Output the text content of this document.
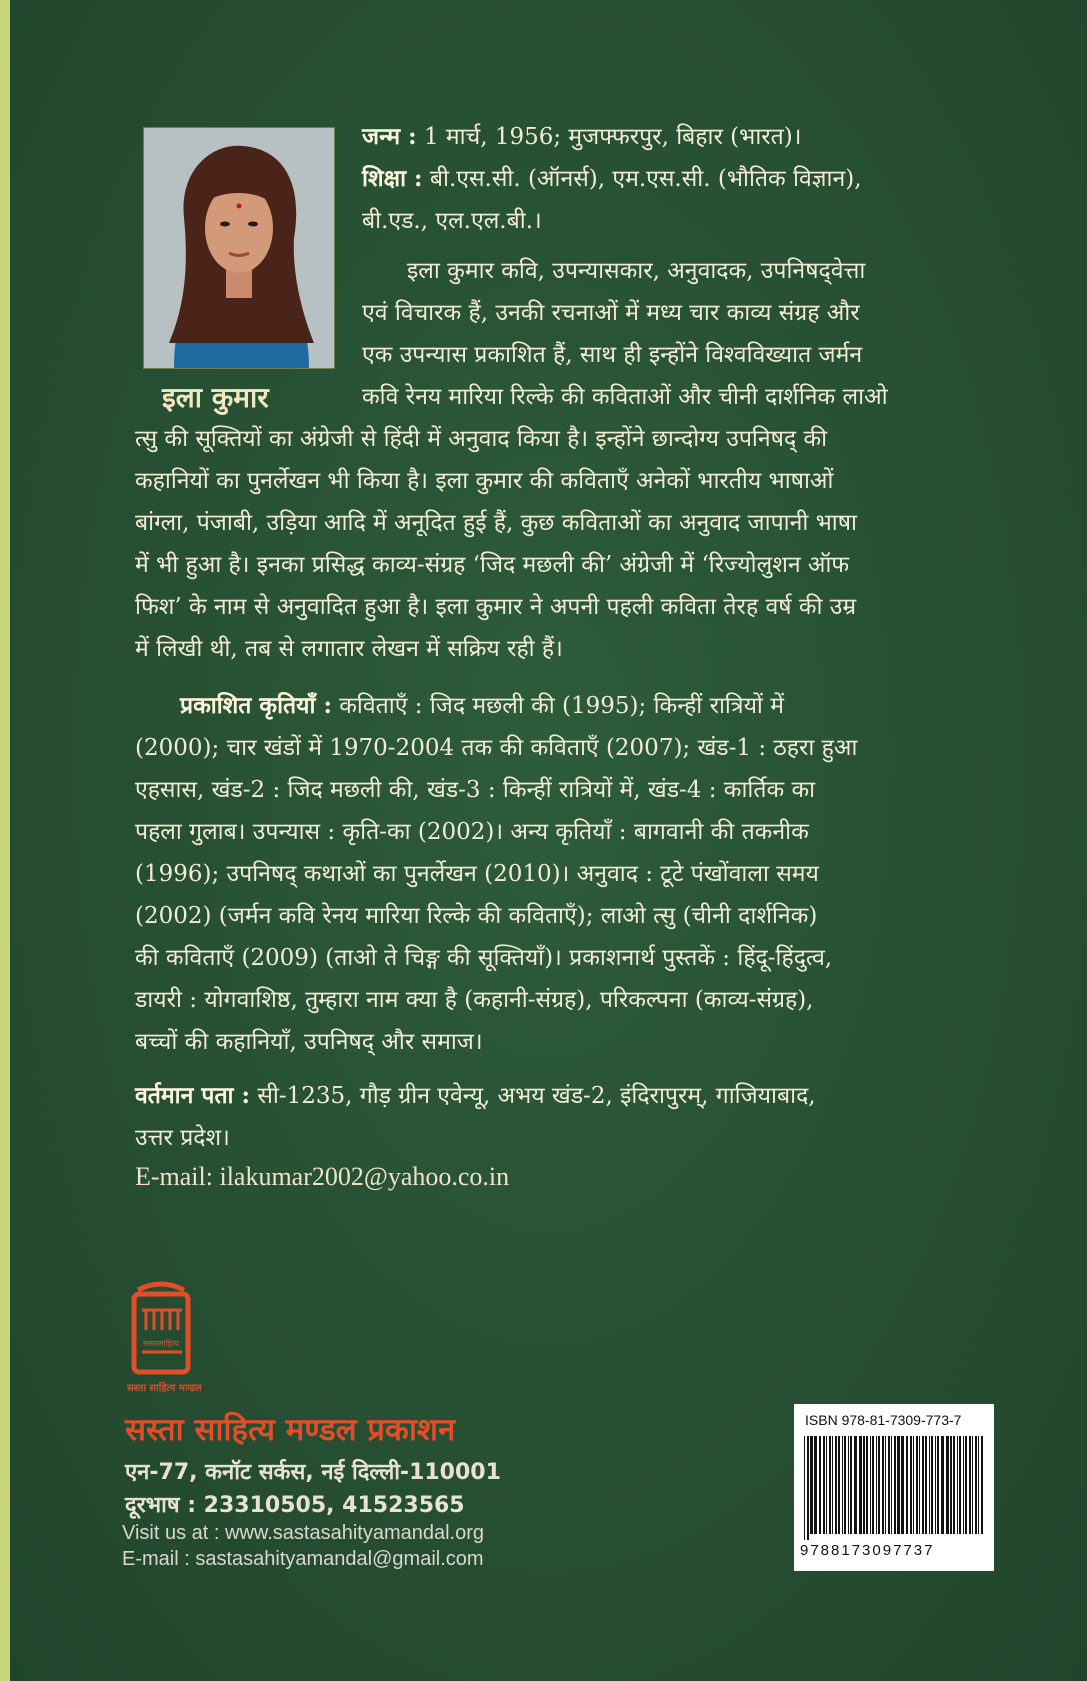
इला कुमार
जन्म : 1 मार्च, 1956; मुजफ्फरपुर, बिहार (भारत)।
शिक्षा : बी.एस.सी. (ऑनर्स), एम.एस.सी. (भौतिक विज्ञान),
बी.एड., एल.एल.बी.।
इला कुमार कवि, उपन्यासकार, अनुवादक, उपनिषद्‌वेत्ता
एवं विचारक हैं, उनकी रचनाओं में मध्य चार काव्य संग्रह और
एक उपन्यास प्रकाशित हैं, साथ ही इन्होंने विश्वविख्यात जर्मन
कवि रेनय मारिया रिल्के की कविताओं और चीनी दार्शनिक लाओ
त्सु की सूक्तियों का अंग्रेजी से हिंदी में अनुवाद किया है। इन्होंने छान्दोग्य उपनिषद् की
कहानियों का पुनर्लेखन भी किया है। इला कुमार की कविताएँ अनेकों भारतीय भाषाओं
बांग्ला, पंजाबी, उड़िया आदि में अनूदित हुई हैं, कुछ कविताओं का अनुवाद जापानी भाषा
में भी हुआ है। इनका प्रसिद्ध काव्य-संग्रह ‘जिद मछली की’ अंग्रेजी में ‘रिज्योलुशन ऑफ
फिश’ के नाम से अनुवादित हुआ है। इला कुमार ने अपनी पहली कविता तेरह वर्ष की उम्र
में लिखी थी, तब से लगातार लेखन में सक्रिय रही हैं।
प्रकाशित कृतियाँ : कविताएँ : जिद मछली की (1995); किन्हीं रात्रियों में
(2000); चार खंडों में 1970-2004 तक की कविताएँ (2007); खंड-1 : ठहरा हुआ
एहसास, खंड-2 : जिद मछली की, खंड-3 : किन्हीं रात्रियों में, खंड-4 : कार्तिक का
पहला गुलाब। उपन्यास : कृति-का (2002)। अन्य कृतियाँ : बागवानी की तकनीक
(1996); उपनिषद् कथाओं का पुनर्लेखन (2010)। अनुवाद : टूटे पंखोंवाला समय
(2002) (जर्मन कवि रेनय मारिया रिल्के की कविताएँ); लाओ त्सु (चीनी दार्शनिक)
की कविताएँ (2009) (ताओ ते चिङ्ग की सूक्तियाँ)। प्रकाशनार्थ पुस्तकें : हिंदू-हिंदुत्व,
डायरी : योगवाशिष्ठ, तुम्हारा नाम क्या है (कहानी-संग्रह), परिकल्पना (काव्य-संग्रह),
बच्चों की कहानियाँ, उपनिषद् और समाज।
वर्तमान पता : सी-1235, गौड़ ग्रीन एवेन्यू, अभय खंड-2, इंदिरापुरम्, गाजियाबाद,
उत्तर प्रदेश।
E-mail: ilakumar2002@yahoo.co.in
सस्तासाहित्य
सस्ता साहित्य मण्डल
सस्ता साहित्य मण्डल प्रकाशन
एन-77, कनॉट सर्कस, नई दिल्ली-110001
दूरभाष : 23310505, 41523565
Visit us at : www.sastasahityamandal.org
E-mail : sastasahityamandal@gmail.com
ISBN 978-81-7309-773-7
9788173097737
